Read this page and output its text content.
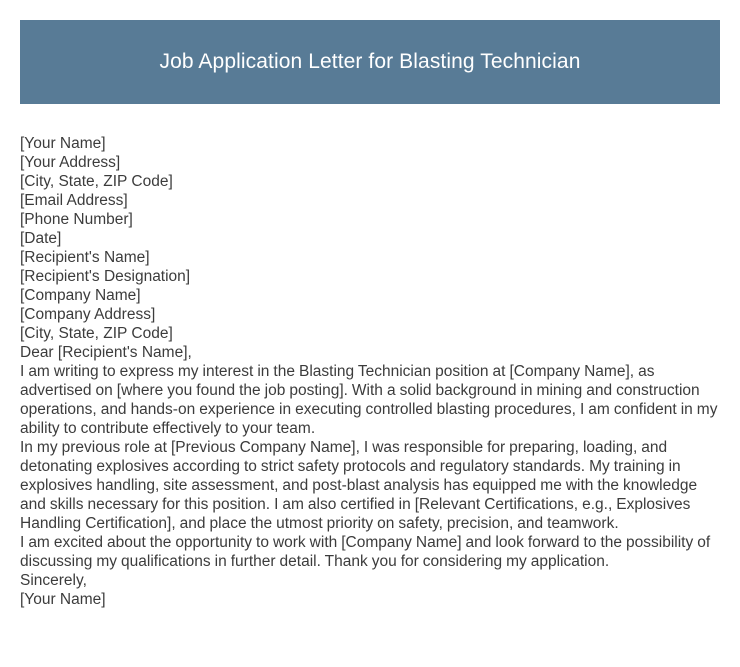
Job Application Letter for Blasting Technician
[Your Name]
[Your Address]
[City, State, ZIP Code]
[Email Address]
[Phone Number]
[Date]
[Recipient's Name]
[Recipient's Designation]
[Company Name]
[Company Address]
[City, State, ZIP Code]
Dear [Recipient's Name],

I am writing to express my interest in the Blasting Technician position at [Company Name], as advertised on [where you found the job posting]. With a solid background in mining and construction operations, and hands-on experience in executing controlled blasting procedures, I am confident in my ability to contribute effectively to your team.

In my previous role at [Previous Company Name], I was responsible for preparing, loading, and detonating explosives according to strict safety protocols and regulatory standards. My training in explosives handling, site assessment, and post-blast analysis has equipped me with the knowledge and skills necessary for this position. I am also certified in [Relevant Certifications, e.g., Explosives Handling Certification], and place the utmost priority on safety, precision, and teamwork.

I am excited about the opportunity to work with [Company Name] and look forward to the possibility of discussing my qualifications in further detail. Thank you for considering my application.

Sincerely,
[Your Name]
